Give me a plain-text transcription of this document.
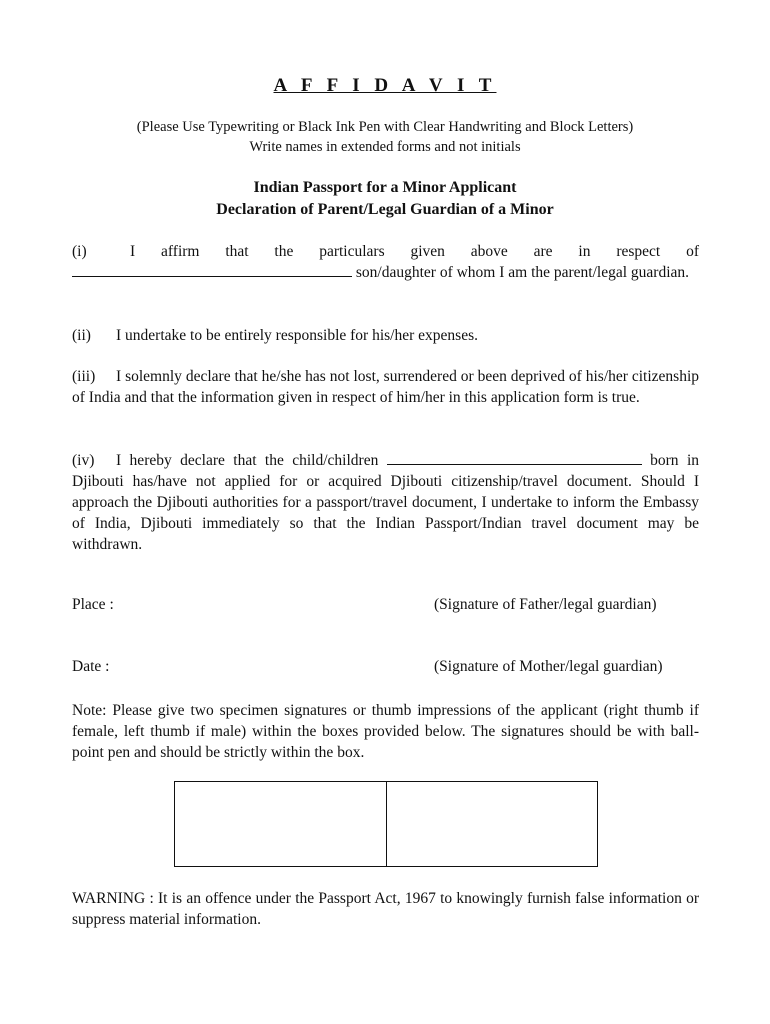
A F F I D A V I T
(Please Use Typewriting or Black Ink Pen with Clear Handwriting and Block Letters)
Write names in extended forms and not initials
Indian Passport for a Minor Applicant
Declaration of Parent/Legal Guardian of a Minor
(i)	I affirm that the particulars given above are in respect of  son/daughter of whom I am the parent/legal guardian.
(ii) I undertake to be entirely responsible for his/her expenses.
(iii) I solemnly declare that he/she has not lost, surrendered or been deprived of his/her citizenship of India and that the information given in respect of him/her in this application form is true.
(iv) I hereby declare that the child/children	born in Djibouti has/have not applied for or acquired Djibouti citizenship/travel document. Should I approach the Djibouti authorities for a passport/travel document, I undertake to inform the Embassy of India, Djibouti immediately so that the Indian Passport/Indian travel document may be withdrawn.
Place :	(Signature of Father/legal guardian)
Date :	(Signature of Mother/legal guardian)
Note: Please give two specimen signatures or thumb impressions of the applicant (right thumb if female, left thumb if male) within the boxes provided below. The signatures should be with ball-point pen and should be strictly within the box.
WARNING : It is an offence under the Passport Act, 1967 to knowingly furnish false information or suppress material information.
